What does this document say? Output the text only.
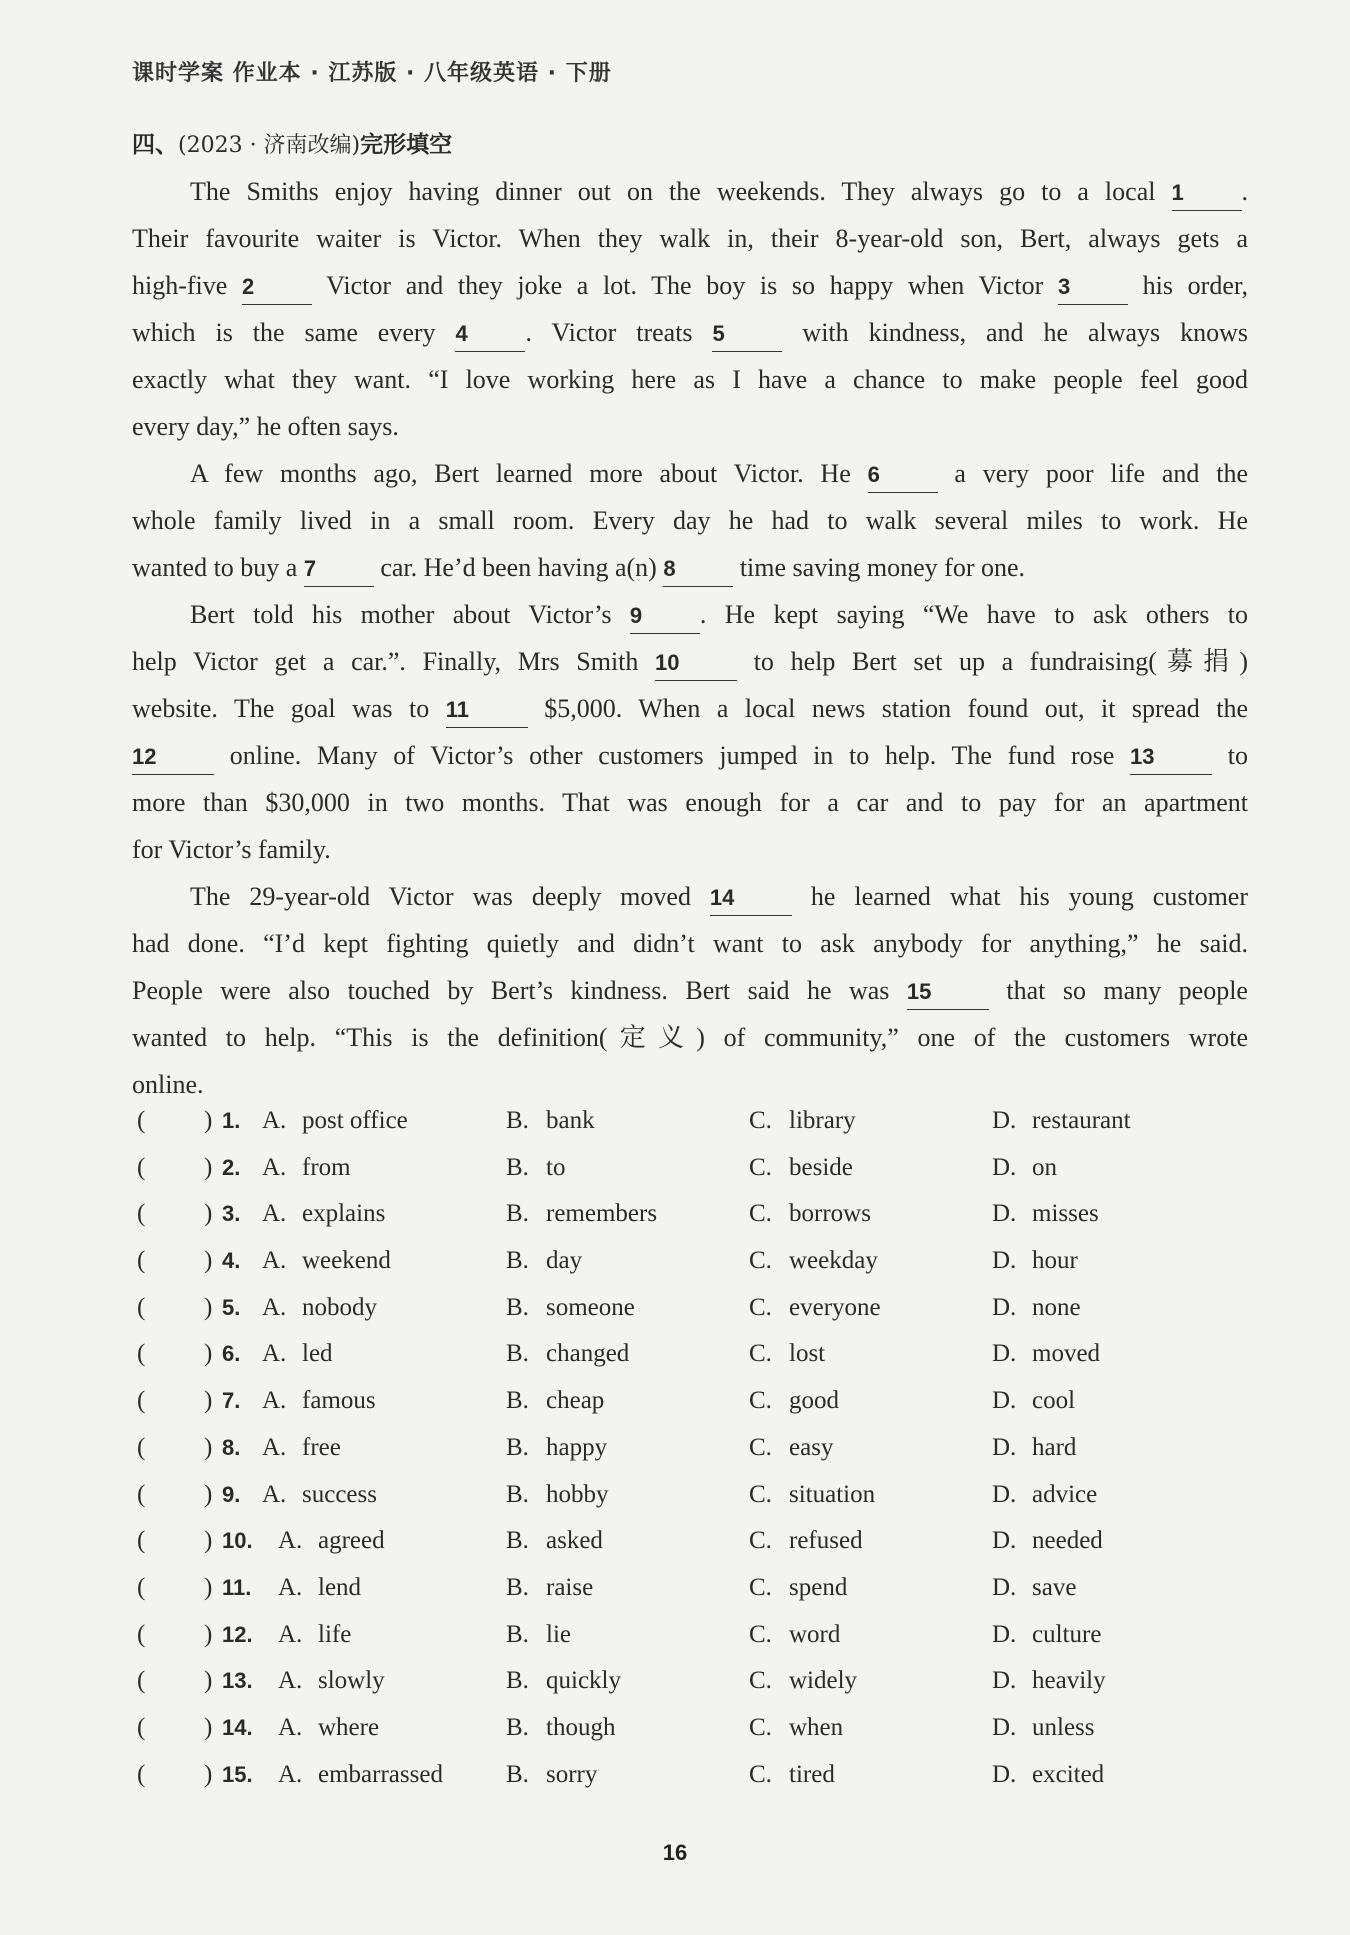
课时学案 作业本 · 江苏版 · 八年级英语 · 下册
四、(2023 · 济南改编)完形填空
The Smiths enjoy having dinner out on the weekends. They always go to a local 1 .
Their favourite waiter is Victor. When they walk in, their 8-year-old son, Bert, always gets a
high-five 2 Victor and they joke a lot. The boy is so happy when Victor 3 his order,
which is the same every 4 . Victor treats 5 with kindness, and he always knows
exactly what they want. “I love working here as I have a chance to make people feel good
every day,” he often says.
A few months ago, Bert learned more about Victor. He 6 a very poor life and the
whole family lived in a small room. Every day he had to walk several miles to work. He
wanted to buy a 7 car. He’d been having a(n) 8 time saving money for one.
Bert told his mother about Victor’s 9 . He kept saying “We have to ask others to
help Victor get a car.”. Finally, Mrs Smith 10 to help Bert set up a fundraising(募捐)
website. The goal was to 11 $5,000. When a local news station found out, it spread the
12 online. Many of Victor’s other customers jumped in to help. The fund rose 13 to
more than $30,000 in two months. That was enough for a car and to pay for an apartment
for Victor’s family.
The 29-year-old Victor was deeply moved 14 he learned what his young customer
had done. “I’d kept fighting quietly and didn’t want to ask anybody for anything,” he said.
People were also touched by Bert’s kindness. Bert said he was 15 that so many people
wanted to help. “This is the definition(定义) of community,” one of the customers wrote
online.
( ) 1. A. post office	B. bank	C. library	D. restaurant
( ) 2. A. from	B. to	C. beside	D. on
( ) 3. A. explains	B. remembers	C. borrows	D. misses
( ) 4. A. weekend	B. day	C. weekday	D. hour
( ) 5. A. nobody	B. someone	C. everyone	D. none
( ) 6. A. led	B. changed	C. lost	D. moved
( ) 7. A. famous	B. cheap	C. good	D. cool
( ) 8. A. free	B. happy	C. easy	D. hard
( ) 9. A. success	B. hobby	C. situation	D. advice
( ) 10. A. agreed	B. asked	C. refused	D. needed
( ) 11. A. lend	B. raise	C. spend	D. save
( ) 12. A. life	B. lie	C. word	D. culture
( ) 13. A. slowly	B. quickly	C. widely	D. heavily
( ) 14. A. where	B. though	C. when	D. unless
( ) 15. A. embarrassed	B. sorry	C. tired	D. excited
16
